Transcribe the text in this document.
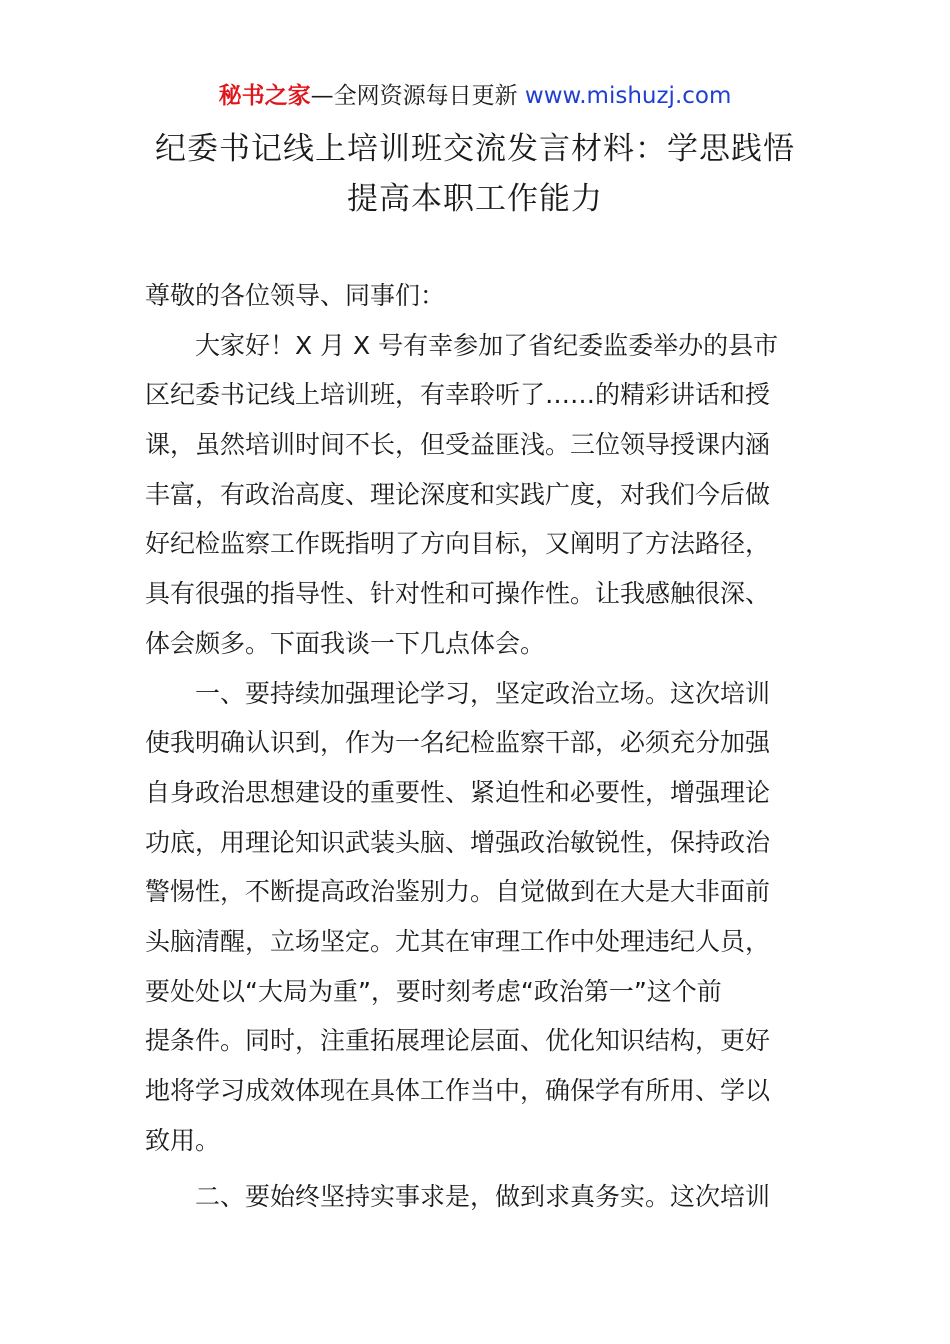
秘书之家—全网资源每日更新 www.mishuzj.com
纪委书记线上培训班交流发言材料：学思践悟
提高本职工作能力
尊敬的各位领导、同事们：
大家好！X 月 X 号有幸参加了省纪委监委举办的县市
区纪委书记线上培训班，有幸聆听了……的精彩讲话和授
课，虽然培训时间不长，但受益匪浅。三位领导授课内涵
丰富，有政治高度、理论深度和实践广度，对我们今后做
好纪检监察工作既指明了方向目标，又阐明了方法路径，
具有很强的指导性、针对性和可操作性。让我感触很深、
体会颇多。下面我谈一下几点体会。
一、要持续加强理论学习，坚定政治立场。这次培训
使我明确认识到，作为一名纪检监察干部，必须充分加强
自身政治思想建设的重要性、紧迫性和必要性，增强理论
功底，用理论知识武装头脑、增强政治敏锐性，保持政治
警惕性，不断提高政治鉴别力。自觉做到在大是大非面前
头脑清醒，立场坚定。尤其在审理工作中处理违纪人员，
要处处以“大局为重”，要时刻考虑“政治第一”这个前
提条件。同时，注重拓展理论层面、优化知识结构，更好
地将学习成效体现在具体工作当中，确保学有所用、学以
致用。
二、要始终坚持实事求是，做到求真务实。这次培训
